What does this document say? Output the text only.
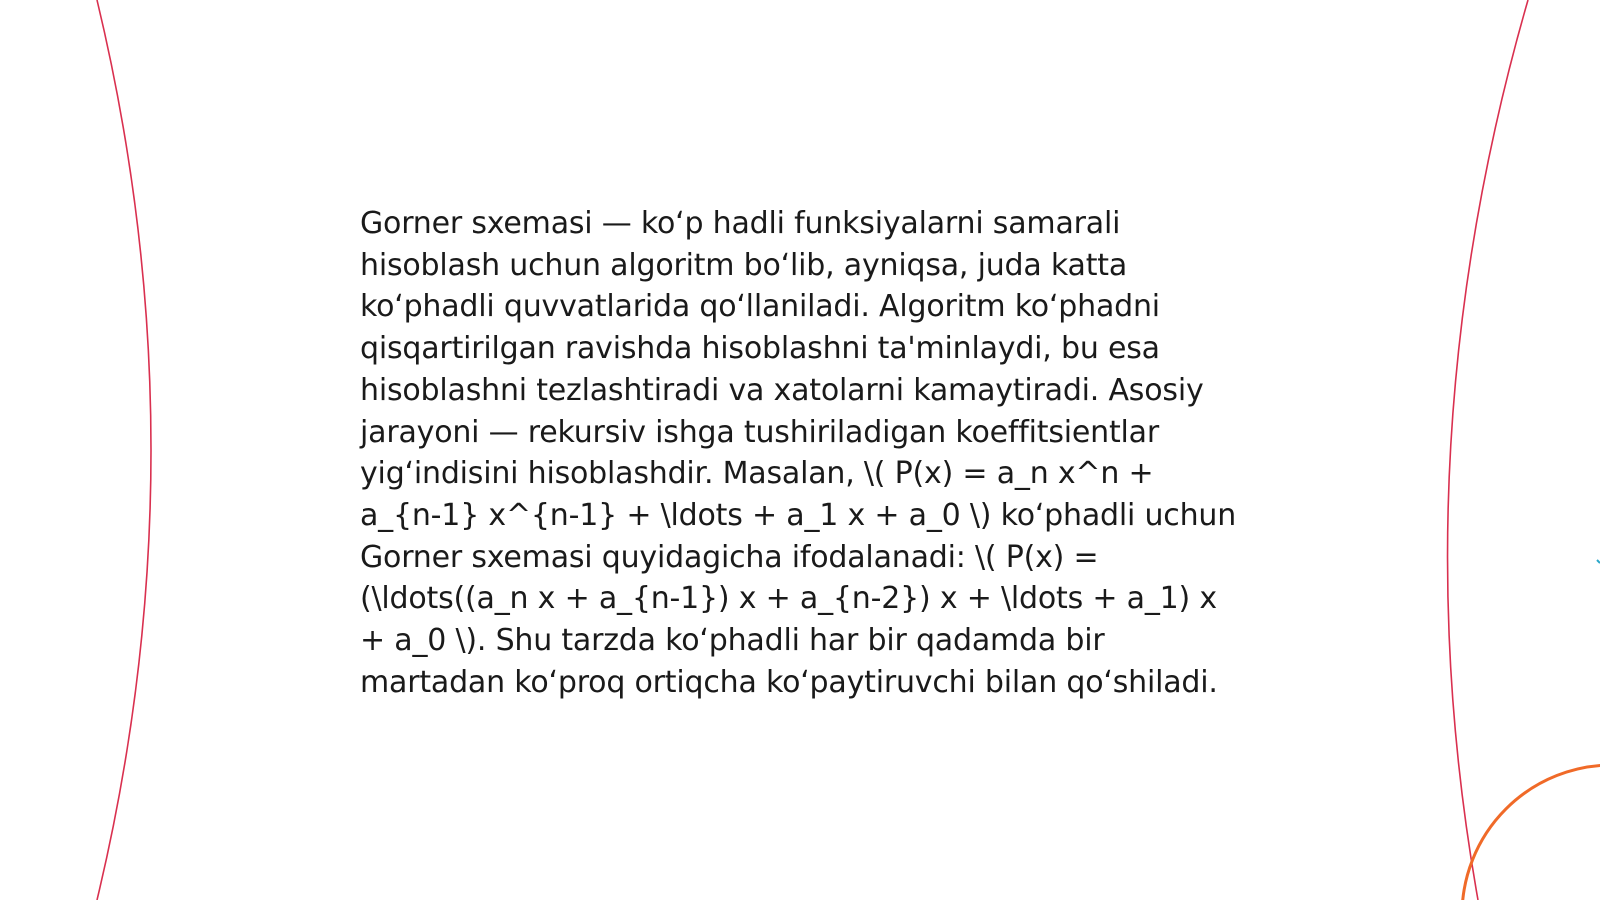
Gorner sxemasi — ko‘p hadli funksiyalarni samarali hisoblash uchun algoritm bo‘lib, ayniqsa, juda katta ko‘phadli quvvatlarida qo‘llaniladi. Algoritm ko‘phadni qisqartirilgan ravishda hisoblashni ta'minlaydi, bu esa hisoblashni tezlashtiradi va xatolarni kamaytiradi. Asosiy jarayoni — rekursiv ishga tushiriladigan koeffitsientlar yig‘indisini hisoblashdir. Masalan, \( P(x) = a_n x^n + a_{n-1} x^{n-1} + \ldots + a_1 x + a_0 \) ko‘phadli uchun Gorner sxemasi quyidagicha ifodalanadi: \( P(x) = (\ldots((a_n x + a_{n-1}) x + a_{n-2}) x + \ldots + a_1) x + a_0 \). Shu tarzda ko‘phadli har bir qadamda bir martadan ko‘proq ortiqcha ko‘paytiruvchi bilan qo‘shiladi.
